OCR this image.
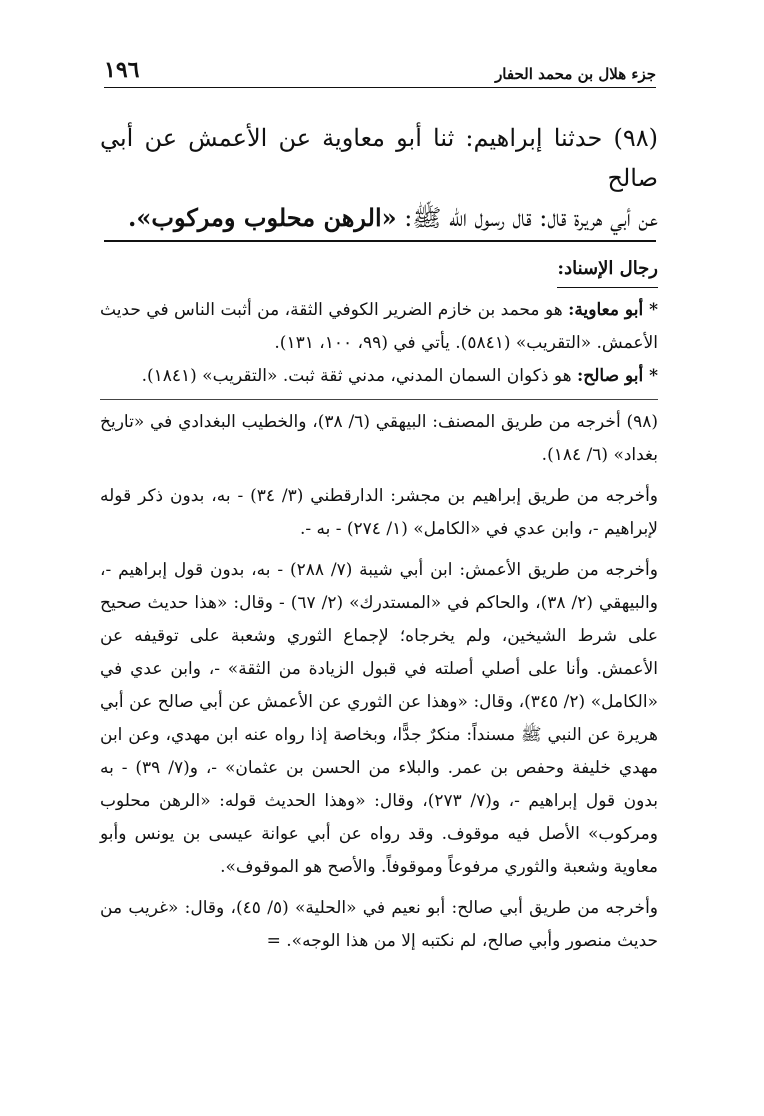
جزء هلال بن محمد الحفار
١٩٦

(٩٨) حدثنا إبراهيم: ثنا أبو معاوية عن الأعمش عن أبي صالح

عن أبي هريرة قال: قال رسول الله ﷺ: «الرهن محلوب ومركوب».

رجال الإسناد:

* أبو معاوية: هو محمد بن خازم الضرير الكوفي الثقة، من أثبت الناس في حديث الأعمش. «التقريب» (٥٨٤١). يأتي في (٩٩، ١٠٠، ١٣١).

* أبو صالح: هو ذكوان السمان المدني، مدني ثقة ثبت. «التقريب» (١٨٤١).

(٩٨) أخرجه من طريق المصنف: البيهقي (٦/ ٣٨)، والخطيب البغدادي في «تاريخ بغداد» (٦/ ١٨٤).

وأخرجه من طريق إبراهيم بن مجشر: الدارقطني (٣/ ٣٤) - به، بدون ذكر قوله لإبراهيم -، وابن عدي في «الكامل» (١/ ٢٧٤) - به -.

وأخرجه من طريق الأعمش: ابن أبي شيبة (٧/ ٢٨٨) - به، بدون قول إبراهيم -، والبيهقي (٢/ ٣٨)، والحاكم في «المستدرك» (٢/ ٦٧) - وقال: «هذا حديث صحيح على شرط الشيخين، ولم يخرجاه؛ لإجماع الثوري وشعبة على توقيفه عن الأعمش. وأنا على أصلي أصلته في قبول الزيادة من الثقة» -، وابن عدي في «الكامل» (٢/ ٣٤٥)، وقال: «وهذا عن الثوري عن الأعمش عن أبي صالح عن أبي هريرة عن النبي ﷺ مسنداً: منكرٌ جدًّا، وبخاصة إذا رواه عنه ابن مهدي، وعن ابن مهدي خليفة وحفص بن عمر. والبلاء من الحسن بن عثمان» -، و(٧/ ٣٩) - به بدون قول إبراهيم -، و(٧/ ٢٧٣)، وقال: «وهذا الحديث قوله: «الرهن محلوب ومركوب» الأصل فيه موقوف. وقد رواه عن أبي عوانة عيسى بن يونس وأبو معاوية وشعبة والثوري مرفوعاً وموقوفاً. والأصح هو الموقوف».

وأخرجه من طريق أبي صالح: أبو نعيم في «الحلية» (٥/ ٤٥)، وقال: «غريب من حديث منصور وأبي صالح، لم نكتبه إلا من هذا الوجه». =
